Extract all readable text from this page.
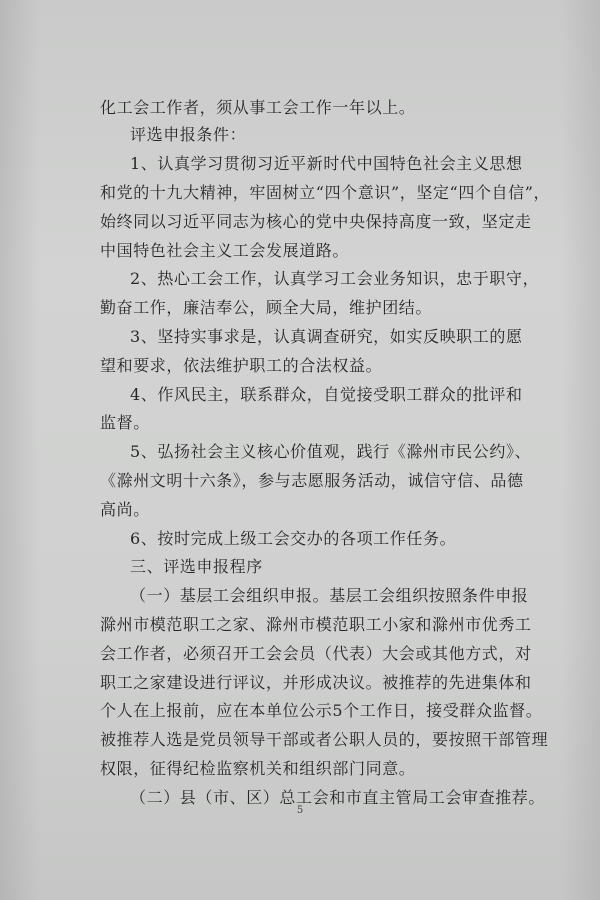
化工会工作者，须从事工会工作一年以上。
评选申报条件：
1、认真学习贯彻习近平新时代中国特色社会主义思想
和党的十九大精神，牢固树立“四个意识”，坚定“四个自信”，
始终同以习近平同志为核心的党中央保持高度一致，坚定走
中国特色社会主义工会发展道路。
2、热心工会工作，认真学习工会业务知识，忠于职守，
勤奋工作，廉洁奉公，顾全大局，维护团结。
3、坚持实事求是，认真调查研究，如实反映职工的愿
望和要求，依法维护职工的合法权益。
4、作风民主，联系群众，自觉接受职工群众的批评和
监督。
5、弘扬社会主义核心价值观，践行《滁州市民公约》、
《滁州文明十六条》，参与志愿服务活动，诚信守信、品德
高尚。
6、按时完成上级工会交办的各项工作任务。
三、评选申报程序
（一）基层工会组织申报。基层工会组织按照条件申报
滁州市模范职工之家、滁州市模范职工小家和滁州市优秀工
会工作者，必须召开工会会员（代表）大会或其他方式，对
职工之家建设进行评议，并形成决议。被推荐的先进集体和
个人在上报前，应在本单位公示5个工作日，接受群众监督。
被推荐人选是党员领导干部或者公职人员的，要按照干部管理
权限，征得纪检监察机关和组织部门同意。
（二）县（市、区）总工会和市直主管局工会审查推荐。
5
